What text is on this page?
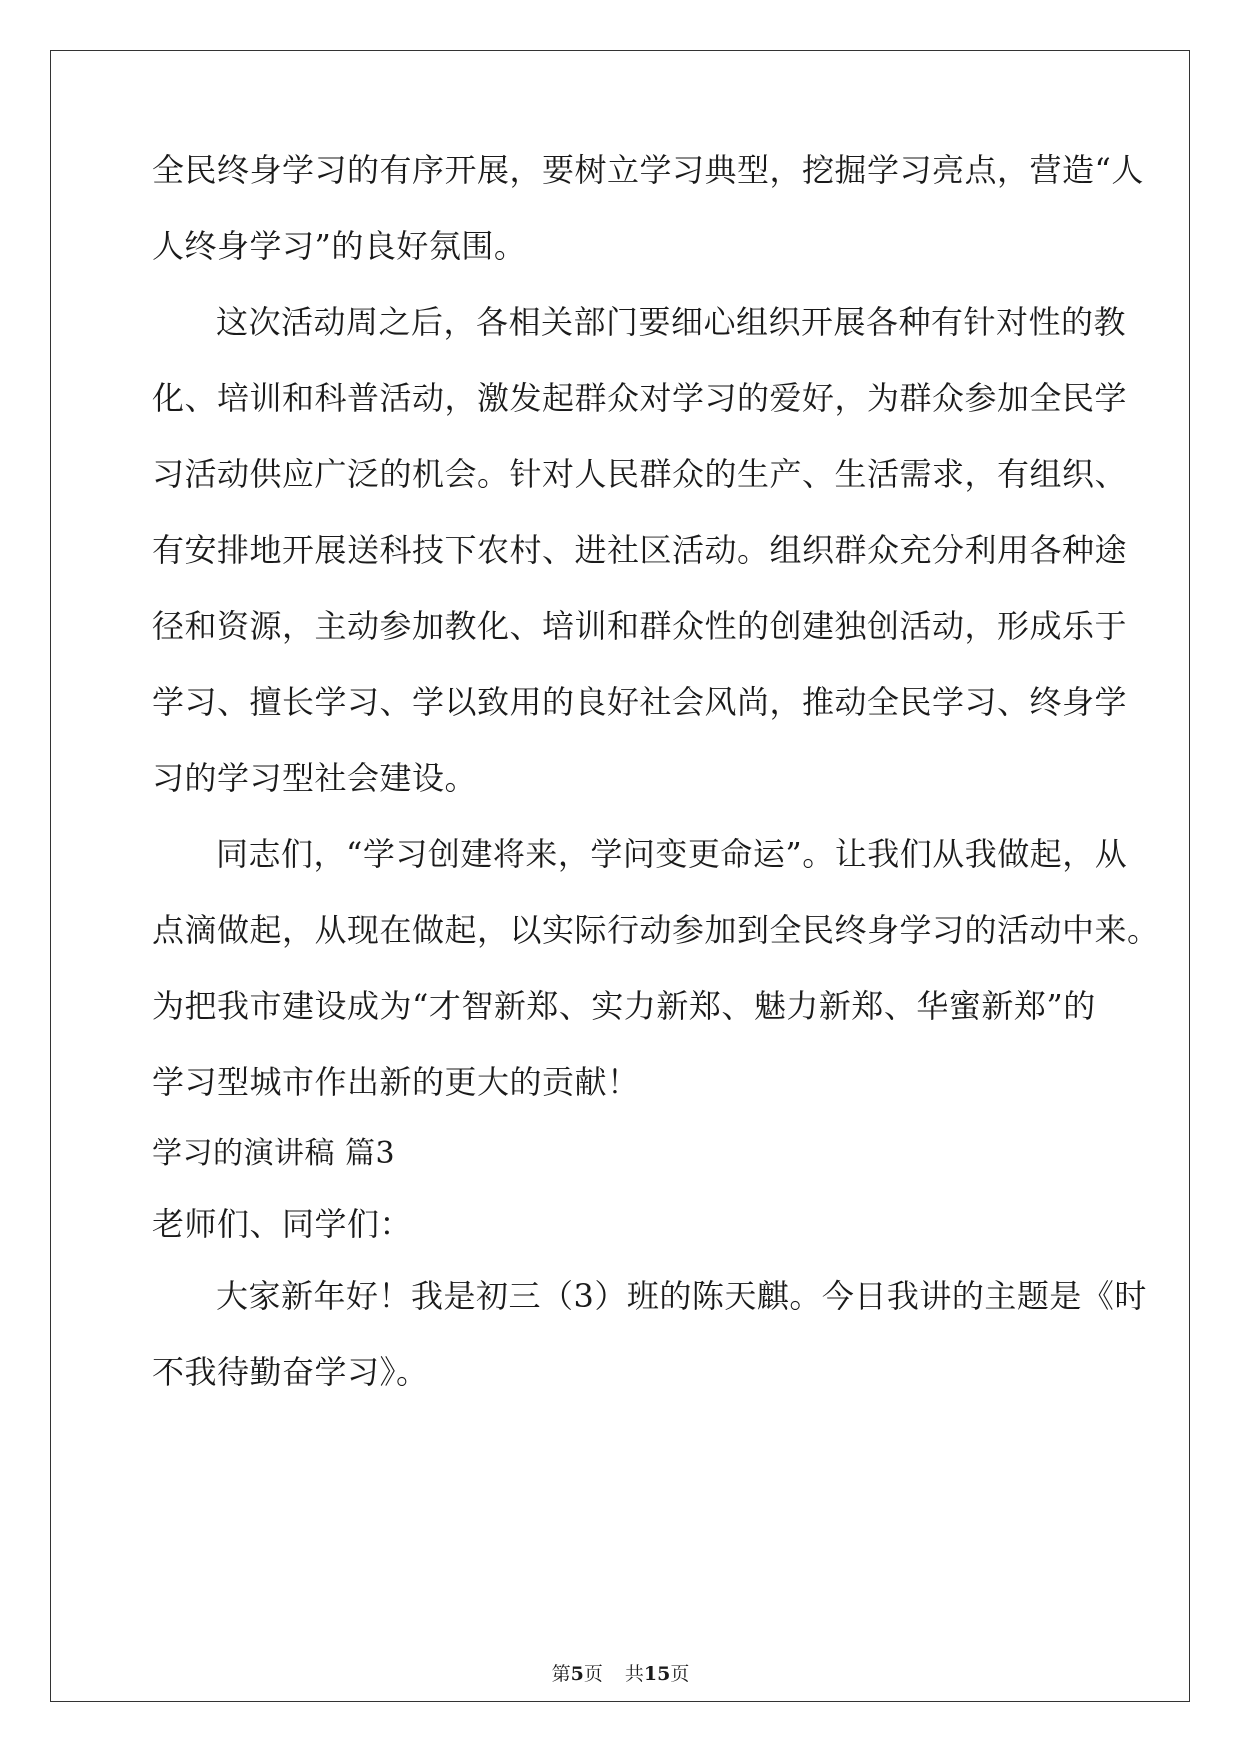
全民终身学习的有序开展，要树立学习典型，挖掘学习亮点，营造“人
人终身学习”的良好氛围。
这次活动周之后，各相关部门要细心组织开展各种有针对性的教
化、培训和科普活动，激发起群众对学习的爱好，为群众参加全民学
习活动供应广泛的机会。针对人民群众的生产、生活需求，有组织、
有安排地开展送科技下农村、进社区活动。组织群众充分利用各种途
径和资源，主动参加教化、培训和群众性的创建独创活动，形成乐于
学习、擅长学习、学以致用的良好社会风尚，推动全民学习、终身学
习的学习型社会建设。
同志们，“学习创建将来，学问变更命运”。让我们从我做起，从
点滴做起，从现在做起，以实际行动参加到全民终身学习的活动中来。
为把我市建设成为“才智新郑、实力新郑、魅力新郑、华蜜新郑”的
学习型城市作出新的更大的贡献！
学习的演讲稿 篇3
老师们、同学们：
大家新年好！我是初三（3）班的陈天麒。今日我讲的主题是《时
不我待勤奋学习》。
第5页 共15页
